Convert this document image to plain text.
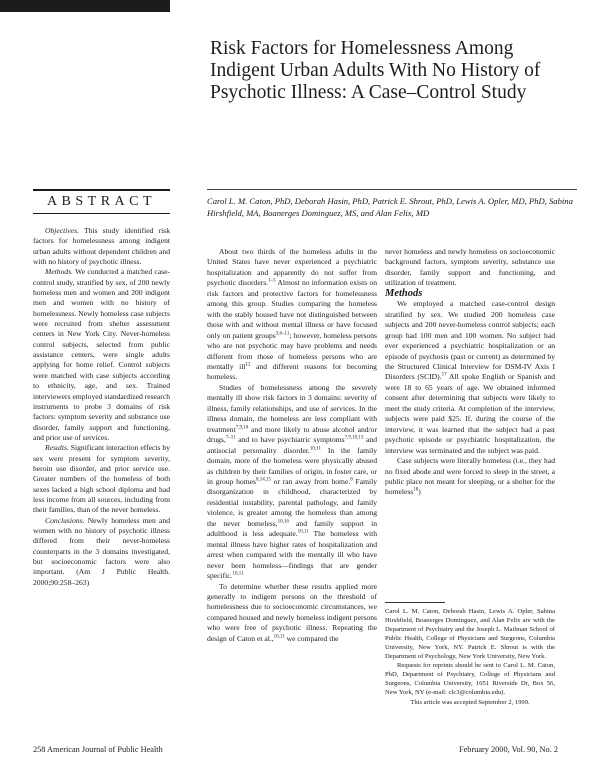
Risk Factors for Homelessness Among Indigent Urban Adults With No History of Psychotic Illness: A Case–Control Study
ABSTRACT	Carol L. M. Caton, PhD, Deborah Hasin, PhD, Patrick E. Shrout, PhD, Lewis A. Opler, MD, PhD, Sabina Hirshfield, MA, Boanerges Dominguez, MS, and Alan Felix, MD

Objectives. This study identified risk factors for homelessness among indigent urban adults without dependent children and with no history of psychotic illness.

Methods. We conducted a matched case-control study, stratified by sex, of 200 newly homeless men and women and 200 indigent men and women with no history of homelessness. Newly homeless case subjects were recruited from shelter assessment centers in New York City. Never-homeless control subjects, selected from public assistance centers, were single adults applying for home relief. Control subjects were matched with case subjects according to ethnicity, age, and sex. Trained interviewers employed standardized research instruments to probe 3 domains of risk factors: symptom severity and substance use disorder, family support and functioning, and prior use of services.

Results. Significant interaction effects by sex were present for symptom severity, heroin use disorder, and prior service use. Greater numbers of the homeless of both sexes lacked a high school diploma and had less income from all sources, including from their families, than of the never homeless.

Conclusions. Newly homeless men and women with no history of psychotic illness differed from their never-homeless counterparts in the 3 domains investigated, but socioeconomic factors were also important. (Am J Public Health. 2000;90:258–263)

About two thirds of the homeless adults in the United States have never experienced a psychiatric hospitalization and apparently do not suffer from psychotic disorders.$^{1-5}$ Almost no information exists on risk factors and protective factors for homelessness among this group. Studies comparing the homeless with the stably housed have not distinguished between those with and without mental illness or have focused only on patient groups$^{3,6-11}$; however, homeless persons who are not psychotic may have problems and needs different from those of homeless persons who are mentally ill$^{12}$ and different reasons for becoming homeless.

Studies of homelessness among the severely mentally ill show risk factors in 3 domains: severity of illness, family relationships, and use of services. In the illness domain, the homeless are less compliant with treatment$^{7,9,10}$ and more likely to abuse alcohol and/or drugs,$^{7-11}$ and to have psychiatric symptoms$^{7,9,10,13}$ and antisocial personality disorder.$^{10,11}$ In the family domain, more of the homeless were physically abused as children by their families of origin, in foster care, or in group homes$^{8,14,15}$ or ran away from home.$^8$ Family disorganization in childhood, characterized by residential instability, parental pathology, and family violence, is greater among the homeless than among the never homeless,$^{10,16}$ and family support in adulthood is less adequate.$^{10,11}$ The homeless with mental illness have higher rates of hospitalization and arrest when compared with the mentally ill who have never been homeless—findings that are gender specific.$^{10,11}$

To determine whether these results applied more generally to indigent persons on the threshold of homelessness due to socioeconomic circumstances, we compared housed and newly homeless indigent persons who were free of psychotic illness. Repeating the design of Caton et al.,$^{10,11}$ we compared the

never homeless and newly homeless on socioeconomic background factors, symptom severity, substance use disorder, family support and functioning, and utilization of treatment.

Methods

We employed a matched case-control design stratified by sex. We studied 200 homeless case subjects and 200 never-homeless control subjects; each group had 100 men and 100 women. No subject had ever experienced a psychiatric hospitalization or an episode of psychosis (past or current) as determined by the Structured Clinical Interview for DSM-IV Axis I Disorders (SCID).$^{17}$ All spoke English or Spanish and were 18 to 65 years of age. We obtained informed consent after determining that subjects were likely to meet the study criteria. At completion of the interview, subjects were paid $25. If, during the course of the interview, it was learned that the subject had a past psychotic episode or psychiatric hospitalization, the interview was terminated and the subject was paid.

Case subjects were literally homeless (i.e., they had no fixed abode and were forced to sleep in the street, a public place not meant for sleeping, or a shelter for the homeless$^{18}$)

Carol L. M. Caton, Deborah Hasin, Lewis A. Opler, Sabina Hirshfield, Boanerges Dominguez, and Alan Felix are with the Department of Psychiatry and the Joseph L. Mailman School of Public Health, College of Physicians and Surgeons, Columbia University, New York, NY. Patrick E. Shrout is with the Department of Psychology, New York University, New York.

Requests for reprints should be sent to Carol L. M. Caton, PhD, Department of Psychiatry, College of Physicians and Surgeons, Columbia University, 1051 Riverside Dr, Box 56, New York, NY (e-mail: clc3@columbia.edu).

This article was accepted September 2, 1999.

258 American Journal of Public Health	February 2000, Vol. 90, No. 2
